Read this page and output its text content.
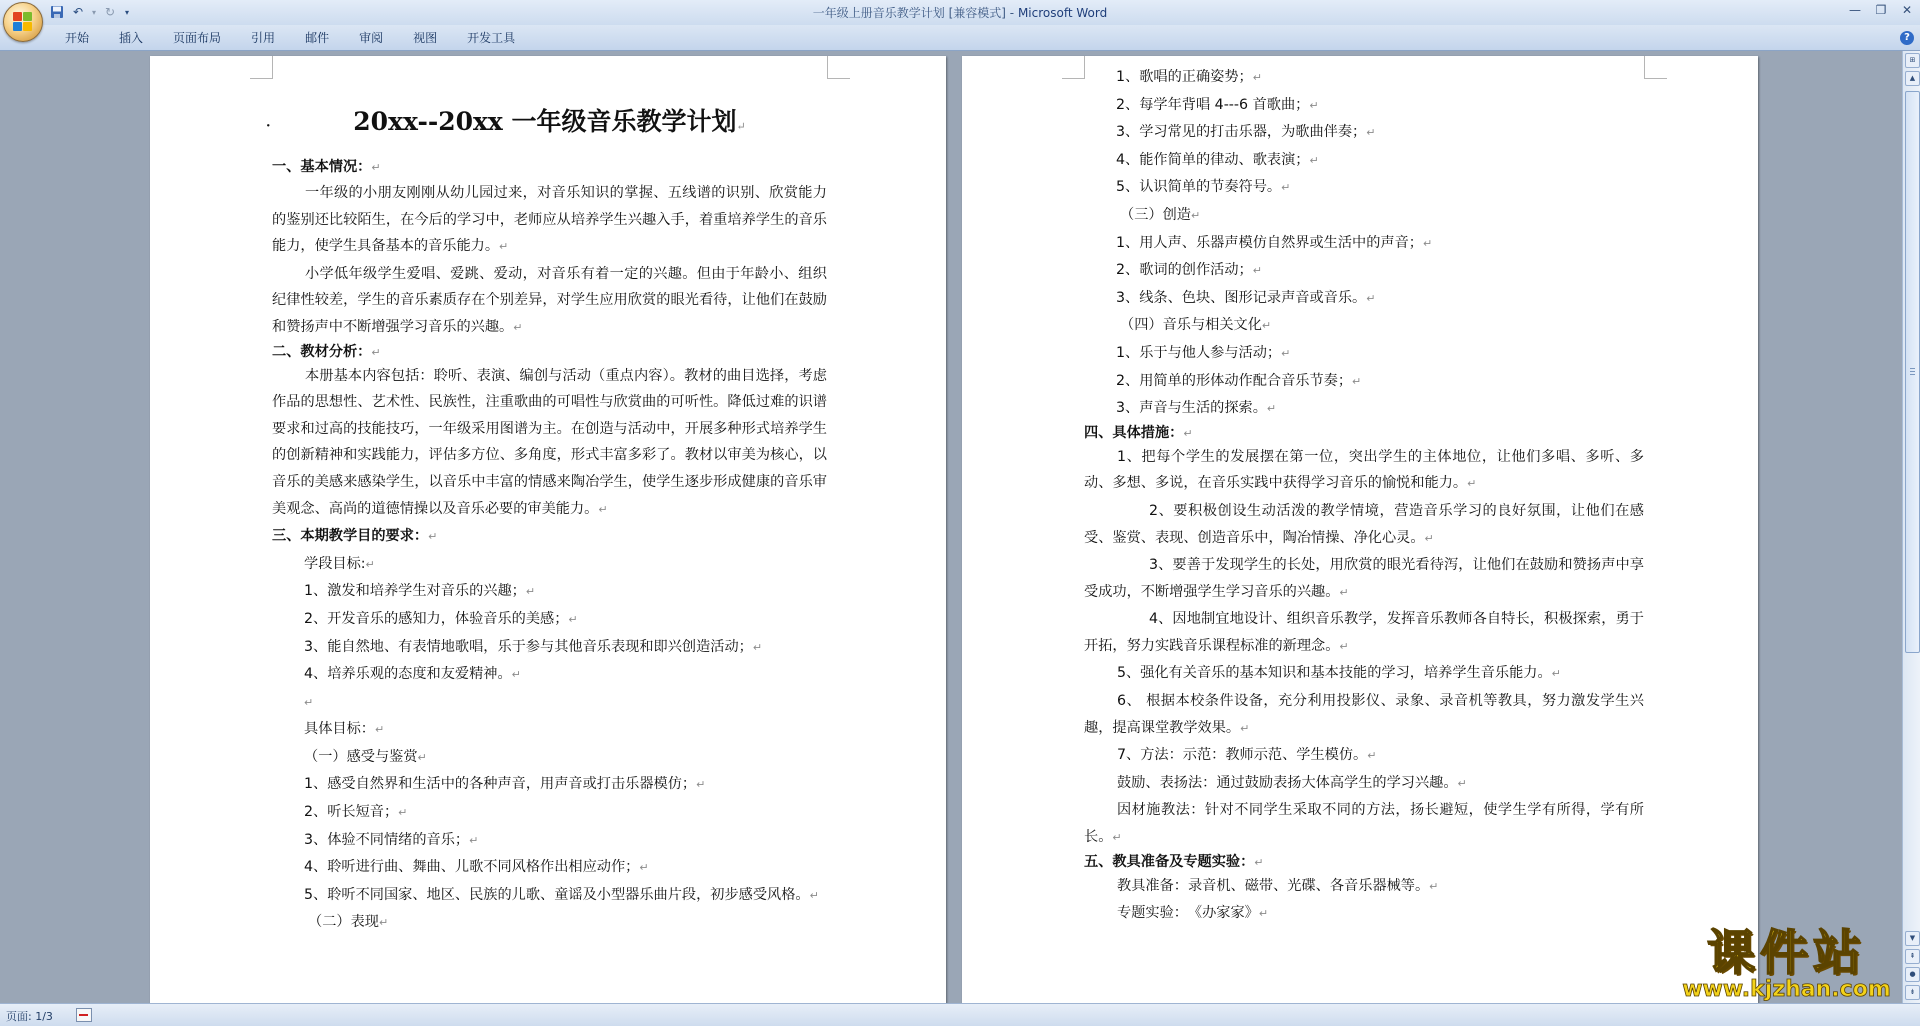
↶	▾ ↻	▾	一年级上册音乐教学计划 [兼容模式] - Microsoft Word	—	❐	✕
开始	插入	页面布局	引用	邮件	审阅	视图	开发工具	?

·	20xx--20xx 一年级音乐教学计划↵

一、基本情况：↵

一年级的小朋友刚刚从幼儿园过来，对音乐知识的掌握、五线谱的识别、欣赏能力的鉴别还比较陌生，在今后的学习中，老师应从培养学生兴趣入手，着重培养学生的音乐能力，使学生具备基本的音乐能力。↵

小学低年级学生爱唱、爱跳、爱动，对音乐有着一定的兴趣。但由于年龄小、组织纪律性较差，学生的音乐素质存在个别差异，对学生应用欣赏的眼光看待，让他们在鼓励和赞扬声中不断增强学习音乐的兴趣。↵

二、教材分析：↵

本册基本内容包括：聆听、表演、编创与活动（重点内容）。教材的曲目选择，考虑作品的思想性、艺术性、民族性，注重歌曲的可唱性与欣赏曲的可听性。降低过难的识谱要求和过高的技能技巧，一年级采用图谱为主。在创造与活动中，开展多种形式培养学生的创新精神和实践能力，评估多方位、多角度，形式丰富多彩了。教材以审美为核心，以音乐的美感来感染学生，以音乐中丰富的情感来陶冶学生，使学生逐步形成健康的音乐审美观念、高尚的道德情操以及音乐必要的审美能力。↵

三、本期教学目的要求：↵

学段目标:↵

1、激发和培养学生对音乐的兴趣；↵

2、开发音乐的感知力，体验音乐的美感；↵

3、能自然地、有表情地歌唱，乐于参与其他音乐表现和即兴创造活动；↵

4、培养乐观的态度和友爱精神。↵

↵

具体目标：↵

（一）感受与鉴赏↵

1、感受自然界和生活中的各种声音，用声音或打击乐器模仿；↵

2、听长短音；↵

3、体验不同情绪的音乐；↵

4、聆听进行曲、舞曲、儿歌不同风格作出相应动作；↵

5、聆听不同国家、地区、民族的儿歌、童谣及小型器乐曲片段，初步感受风格。↵

（二）表现↵

1、歌唱的正确姿势；↵

2、每学年背唱 4---6 首歌曲；↵

3、学习常见的打击乐器，为歌曲伴奏；↵

4、能作简单的律动、歌表演；↵

5、认识简单的节奏符号。↵

（三）创造↵

1、用人声、乐器声模仿自然界或生活中的声音；↵

2、歌词的创作活动；↵

3、线条、色块、图形记录声音或音乐。↵

（四）音乐与相关文化↵

1、乐于与他人参与活动；↵

2、用简单的形体动作配合音乐节奏；↵

3、声音与生活的探索。↵

四、具体措施：↵

1、把每个学生的发展摆在第一位，突出学生的主体地位，让他们多唱、多听、多动、多想、多说，在音乐实践中获得学习音乐的愉悦和能力。↵

2、要积极创设生动活泼的教学情境，营造音乐学习的良好氛围，让他们在感受、鉴赏、表现、创造音乐中，陶冶情操、净化心灵。↵

3、要善于发现学生的长处，用欣赏的眼光看待泻，让他们在鼓励和赞扬声中享受成功，不断增强学生学习音乐的兴趣。↵

4、因地制宜地设计、组织音乐教学，发挥音乐教师各自特长，积极探索，勇于开拓，努力实践音乐课程标准的新理念。↵

5、强化有关音乐的基本知识和基本技能的学习，培养学生音乐能力。↵

6、 根据本校条件设备，充分利用投影仪、录象、录音机等教具，努力激发学生兴趣，提高课堂教学效果。↵

7、方法：示范：教师示范、学生模仿。↵

鼓励、表扬法：通过鼓励表扬大体高学生的学习兴趣。↵

因材施教法：针对不同学生采取不同的方法，扬长避短，使学生学有所得，学有所长。↵

五、教具准备及专题实验：↵

教具准备：录音机、磁带、光碟、各音乐器械等。↵

专题实验：　《办家家》↵

⊞
▲
▼
⇞
●
⇟
页面: 1/3
课件站
www.kjzhan.com
